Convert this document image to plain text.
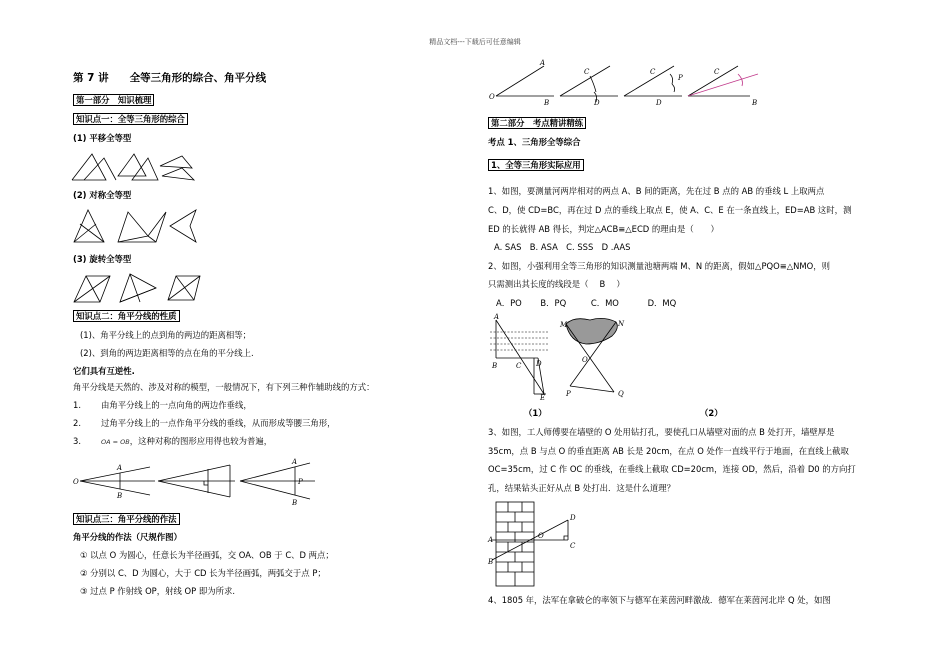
精品文档---下载后可任意编辑
第 7 讲　　全等三角形的综合、角平分线
第一部分　知识梳理
知识点一：全等三角形的综合
(1) 平移全等型
(2) 对称全等型
(3) 旋转全等型
知识点二：角平分线的性质
(1)、角平分线上的点到角的两边的距离相等；
(2)、到角的两边距离相等的点在角的平分线上.
它们具有互逆性.
角平分线是天然的、涉及对称的模型，一般情况下，有下列三种作辅助线的方式：
1. 由角平分线上的一点向角的两边作垂线，
2. 过角平分线上的一点作角平分线的垂线，从而形成等腰三角形，
3.	OA = OB，这种对称的图形应用得也较为普遍，
O
A
B
A
P
B
知识点三：角平分线的作法
角平分线的作法（尺规作图）
① 以点 O 为圆心，任意长为半径画弧，交 OA、OB 于 C、D 两点；
② 分别以 C、D 为圆心，大于 CD 长为半径画弧，两弧交于点 P；
③ 过点 P 作射线 OP，射线 OP 即为所求.
O
A
B
C
D
C
P
D
C
B
第二部分　考点精讲精练
考点 1、三角形全等综合
1、全等三角形实际应用
1、如图，要测量河两岸相对的两点 A、B 间的距离，先在过 B 点的 AB 的垂线 L 上取两点
C、D，使 CD=BC，再在过 D 点的垂线上取点 E，使 A、C、E 在一条直线上，ED=AB 这时，测
ED 的长就得 AB 得长，判定△ACB≡△ECD 的理由是（　　）
A. SAS　B. ASA　C. SSS　D .AAS
2、如图，小强利用全等三角形的知识测量池塘两端 M、N 的距离，假如△PQO≡△NMO，则
只需测出其长度的线段是（　 B　 ）
A．PO B．PQ	C．MO	D．MQ
A
B	C D
E
M	N
O
P	Q
（1）	（2）
3、如图，工人师傅要在墙壁的 O 处用钻打孔，要使孔口从墙壁对面的点 B 处打开，墙壁厚是
35cm，点 B 与点 O 的垂直距离 AB 长是 20cm，在点 O 处作一直线平行于地面，在直线上截取
OC=35cm，过 C 作 OC 的垂线，在垂线上截取 CD=20cm，连接 OD，然后，沿着 D0 的方向打
孔，结果钻头正好从点 B 处打出．这是什么道理？
A
B
O
C
D
4、1805 年，法军在拿破仑的率领下与德军在莱茵河畔激战．德军在莱茵河北岸 Q 处，如图
